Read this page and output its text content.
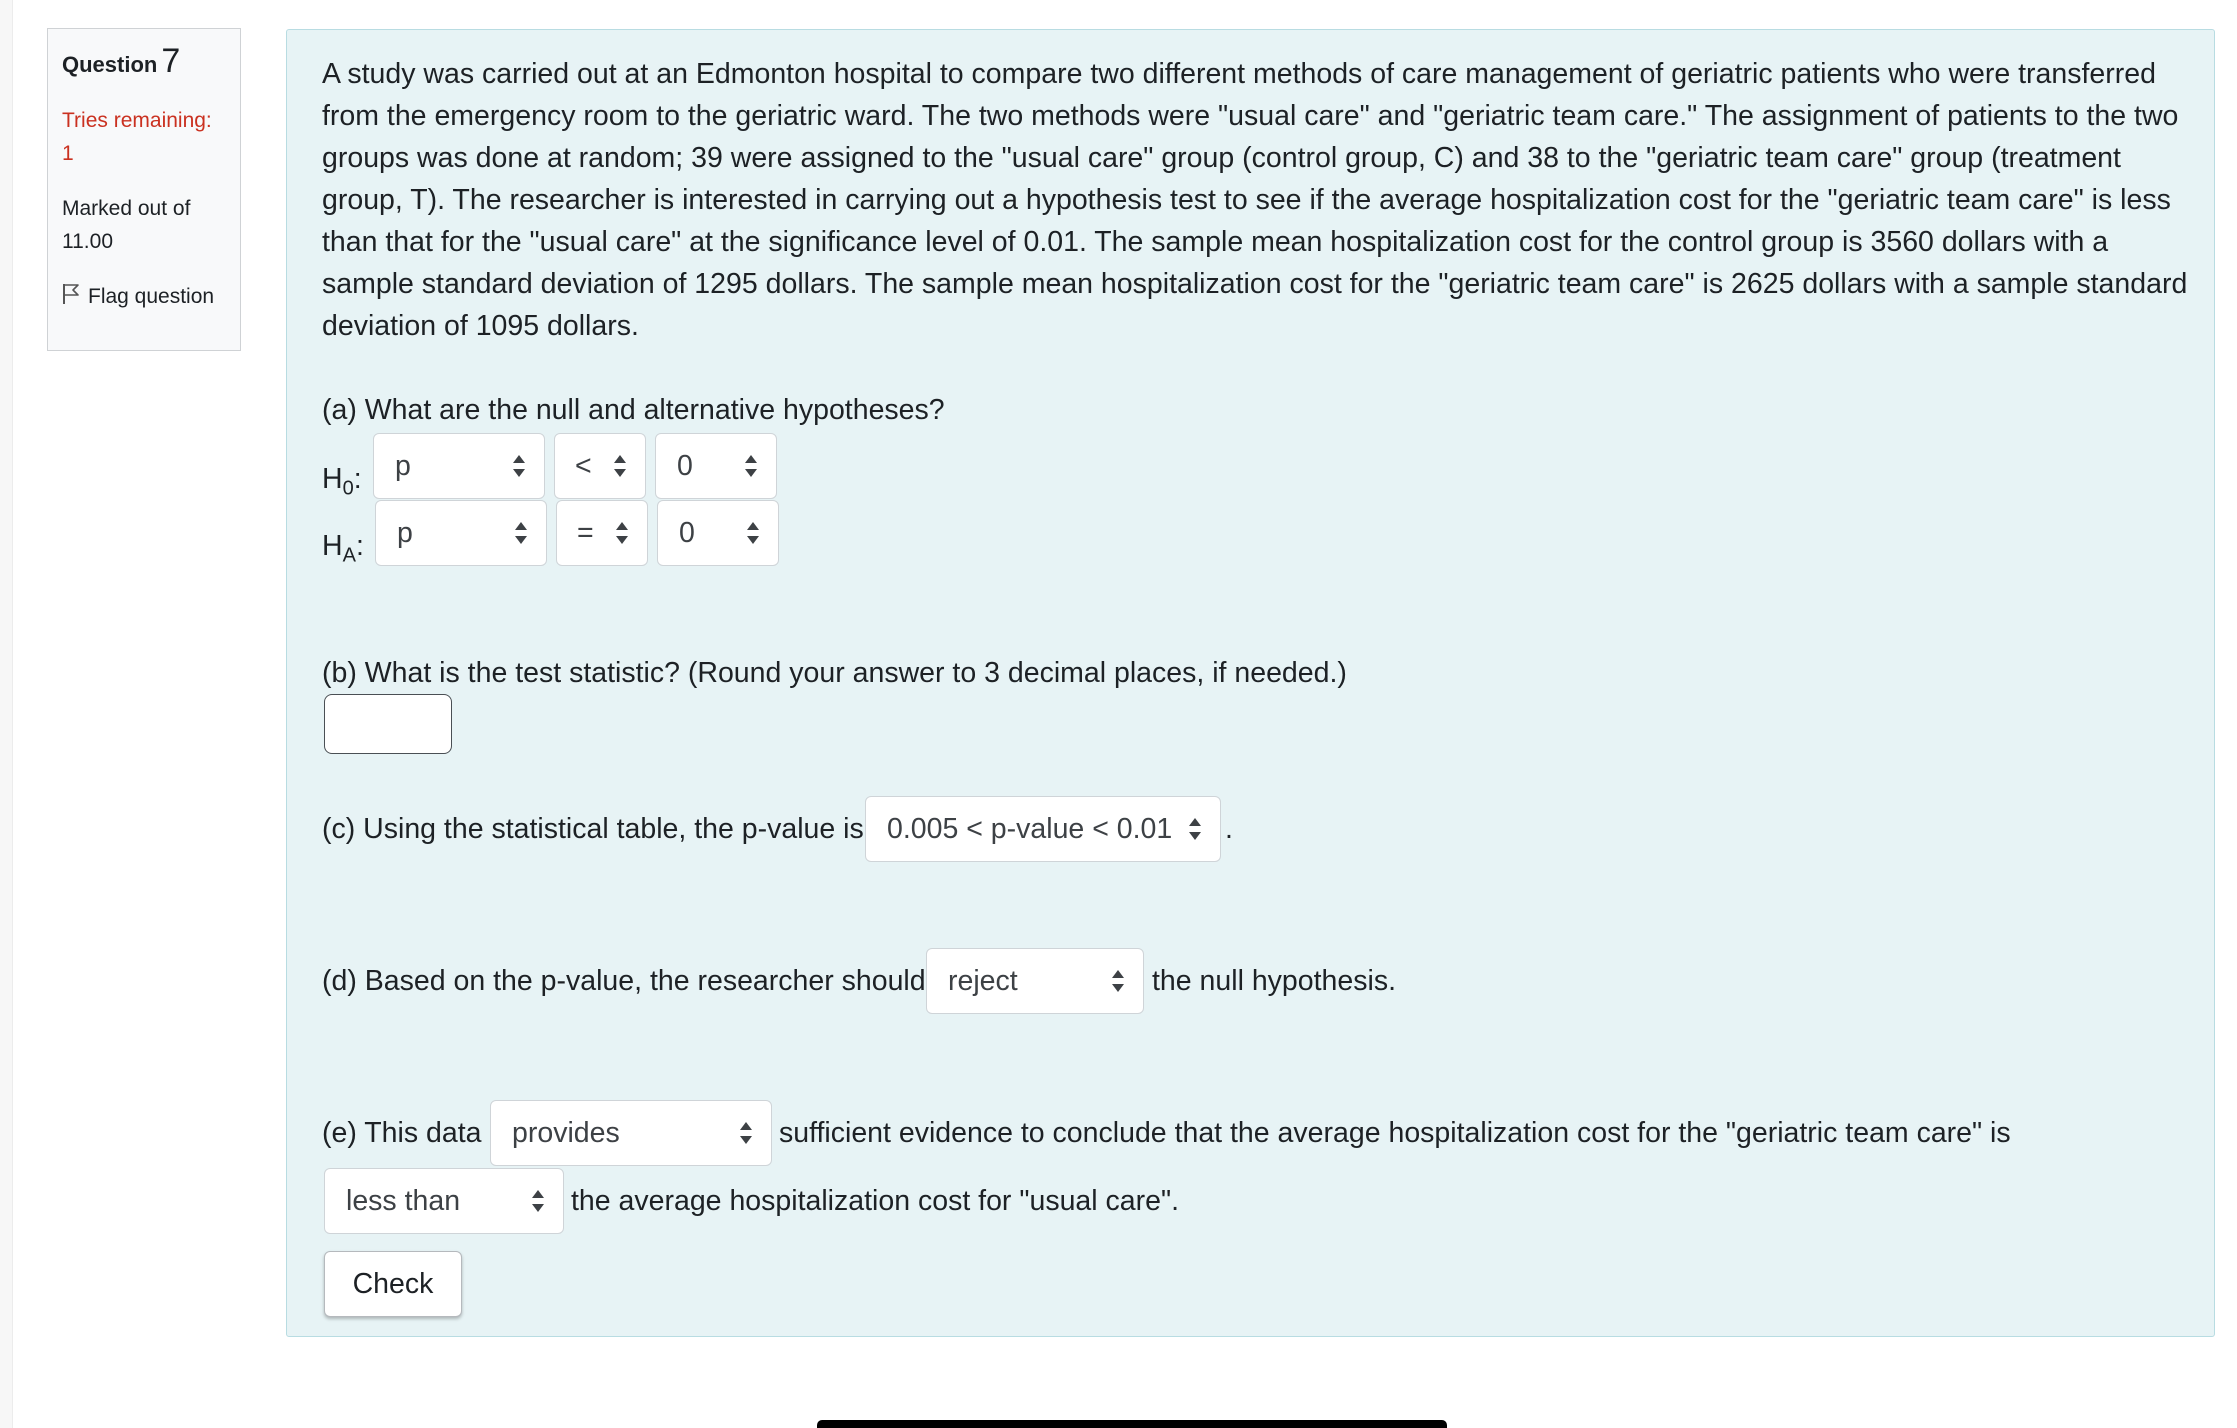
Question 7
Tries remaining: 1
Marked out of 11.00
Flag question

A study was carried out at an Edmonton hospital to compare two different methods of care management of geriatric patients who were transferred from the emergency room to the geriatric ward. The two methods were "usual care" and "geriatric team care." The assignment of patients to the two groups was done at random; 39 were assigned to the "usual care" group (control group, C) and 38 to the "geriatric team care" group (treatment group, T). The researcher is interested in carrying out a hypothesis test to see if the average hospitalization cost for the "geriatric team care" is less than that for the "usual care" at the significance level of 0.01. The sample mean hospitalization cost for the control group is 3560 dollars with a sample standard deviation of 1295 dollars. The sample mean hospitalization cost for the "geriatric team care" is 2625 dollars with a sample standard deviation of 1095 dollars.

(a) What are the null and alternative hypotheses?
$H_0$: p	<	0
$H_A$: p	=	0
(b) What is the test statistic? (Round your answer to 3 decimal places, if needed.)
(c) Using the statistical table, the p-value is 0.005 < p-value < 0.01 .
(d) Based on the p-value, the researcher should reject	the null hypothesis.
(e) This data provides	sufficient evidence to conclude that the average hospitalization cost for the "geriatric team care" is
less than	the average hospitalization cost for "usual care".
Check
